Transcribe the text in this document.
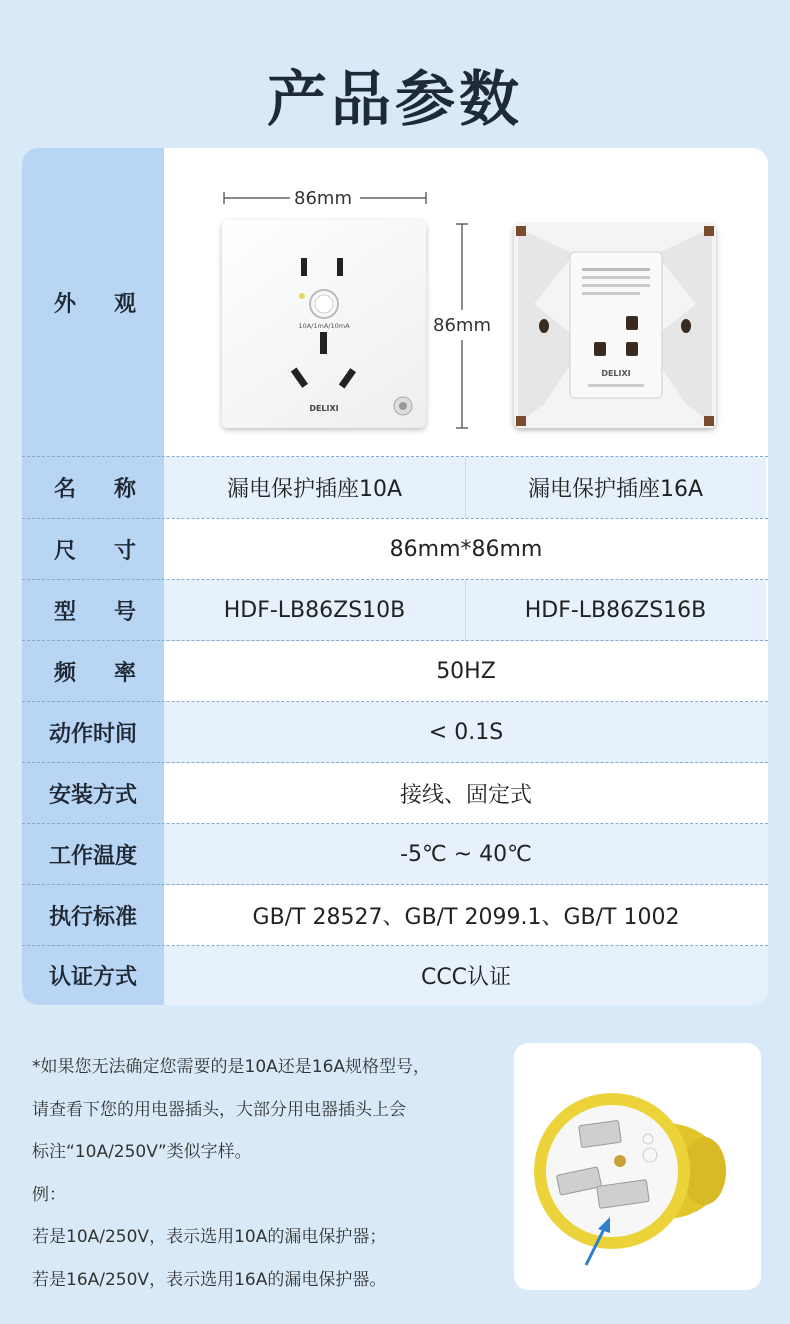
产品参数
外 观
86mm
86mm
10A/1mA/10mA
DELIXI
DELIXI
名 称	漏电保护插座10A	漏电保护插座16A
尺 寸	86mm*86mm
型 号	HDF-LB86ZS10B	HDF-LB86ZS16B
频 率	50HZ
动作时间	< 0.1S
安装方式	接线、固定式
工作温度	-5℃ ~ 40℃
执行标准	GB/T 28527、GB/T 2099.1、GB/T 1002
认证方式	CCC认证
*如果您无法确定您需要的是10A还是16A规格型号，
请查看下您的用电器插头，大部分用电器插头上会
标注“10A/250V”类似字样。
例：
若是10A/250V，表示选用10A的漏电保护器；
若是16A/250V，表示选用16A的漏电保护器。
